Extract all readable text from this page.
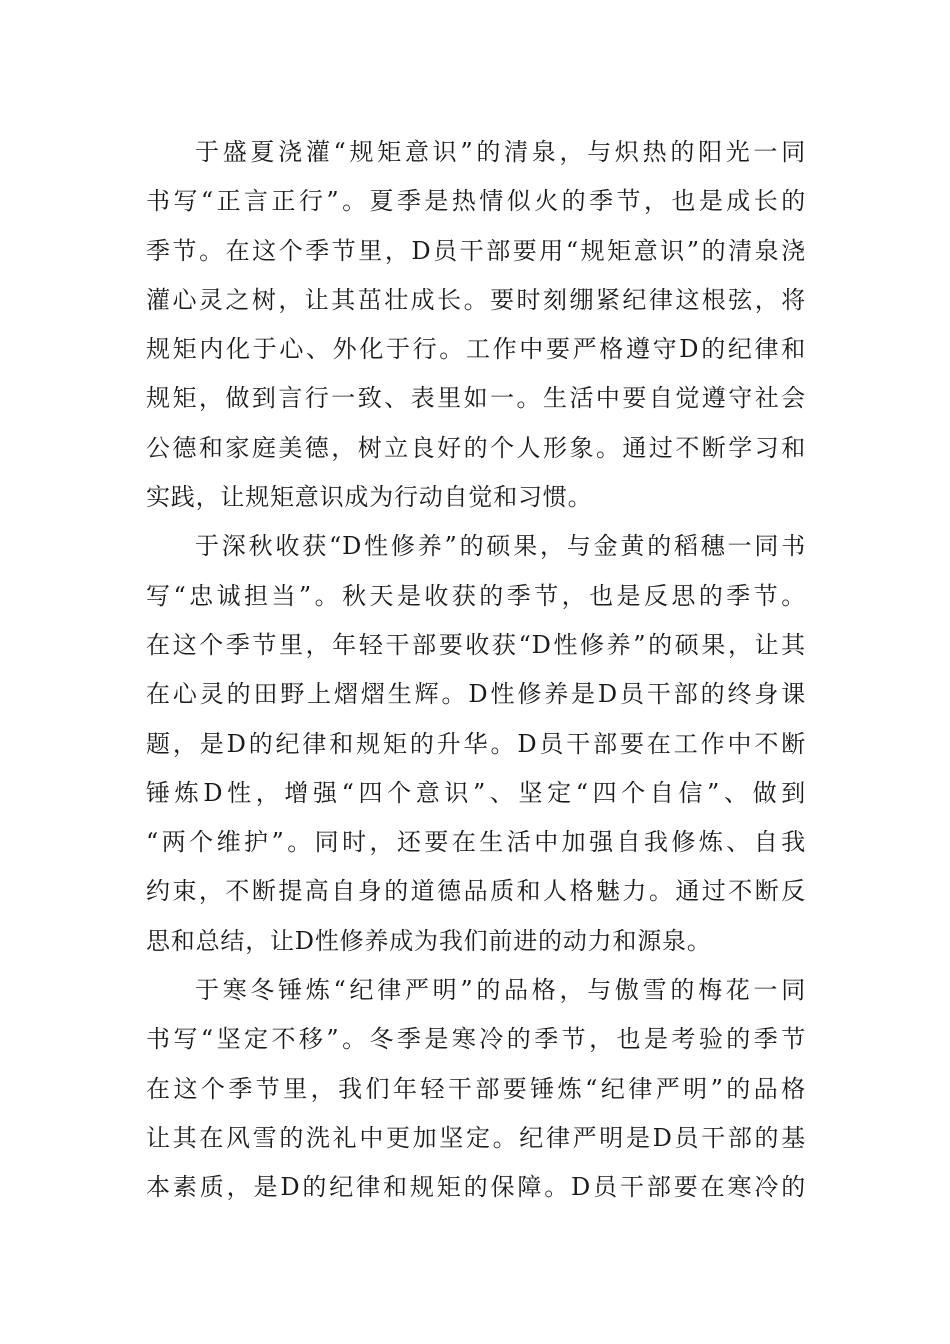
于盛夏浇灌“规矩意识”的清泉，与炽热的阳光一同
书写“正言正行”。夏季是热情似火的季节，也是成长的
季节。在这个季节里，D员干部要用“规矩意识”的清泉浇
灌心灵之树，让其茁壮成长。要时刻绷紧纪律这根弦，将
规矩内化于心、外化于行。工作中要严格遵守D的纪律和
规矩，做到言行一致、表里如一。生活中要自觉遵守社会
公德和家庭美德，树立良好的个人形象。通过不断学习和
实践，让规矩意识成为行动自觉和习惯。
于深秋收获“D性修养”的硕果，与金黄的稻穗一同书
写“忠诚担当”。秋天是收获的季节，也是反思的季节。
在这个季节里，年轻干部要收获“D性修养”的硕果，让其
在心灵的田野上熠熠生辉。D性修养是D员干部的终身课
题，是D的纪律和规矩的升华。D员干部要在工作中不断
锤炼D性，增强“四个意识”、坚定“四个自信”、做到
“两个维护”。同时，还要在生活中加强自我修炼、自我
约束，不断提高自身的道德品质和人格魅力。通过不断反
思和总结，让D性修养成为我们前进的动力和源泉。
于寒冬锤炼“纪律严明”的品格，与傲雪的梅花一同
书写“坚定不移”。冬季是寒冷的季节，也是考验的季节
在这个季节里，我们年轻干部要锤炼“纪律严明”的品格
让其在风雪的洗礼中更加坚定。纪律严明是D员干部的基
本素质，是D的纪律和规矩的保障。D员干部要在寒冷的
